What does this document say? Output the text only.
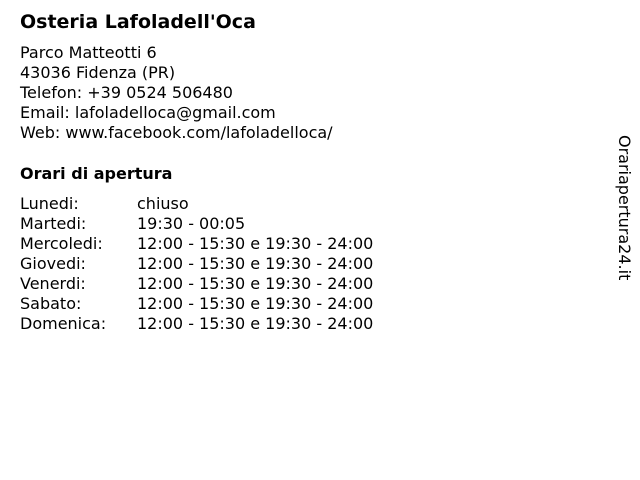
Osteria Lafoladell'Oca
Parco Matteotti 6
43036 Fidenza (PR)
Telefon: +39 0524 506480
Email: lafoladelloca@gmail.com
Web: www.facebook.com/lafoladelloca/
Orari di apertura
Lunedi:	chiuso
Martedi:	19:30 - 00:05
Mercoledi: 12:00 - 15:30 e 19:30 - 24:00
Giovedi:	12:00 - 15:30 e 19:30 - 24:00
Venerdi:	12:00 - 15:30 e 19:30 - 24:00
Sabato:	12:00 - 15:30 e 19:30 - 24:00
Domenica: 12:00 - 15:30 e 19:30 - 24:00
Orariapertura24.it
